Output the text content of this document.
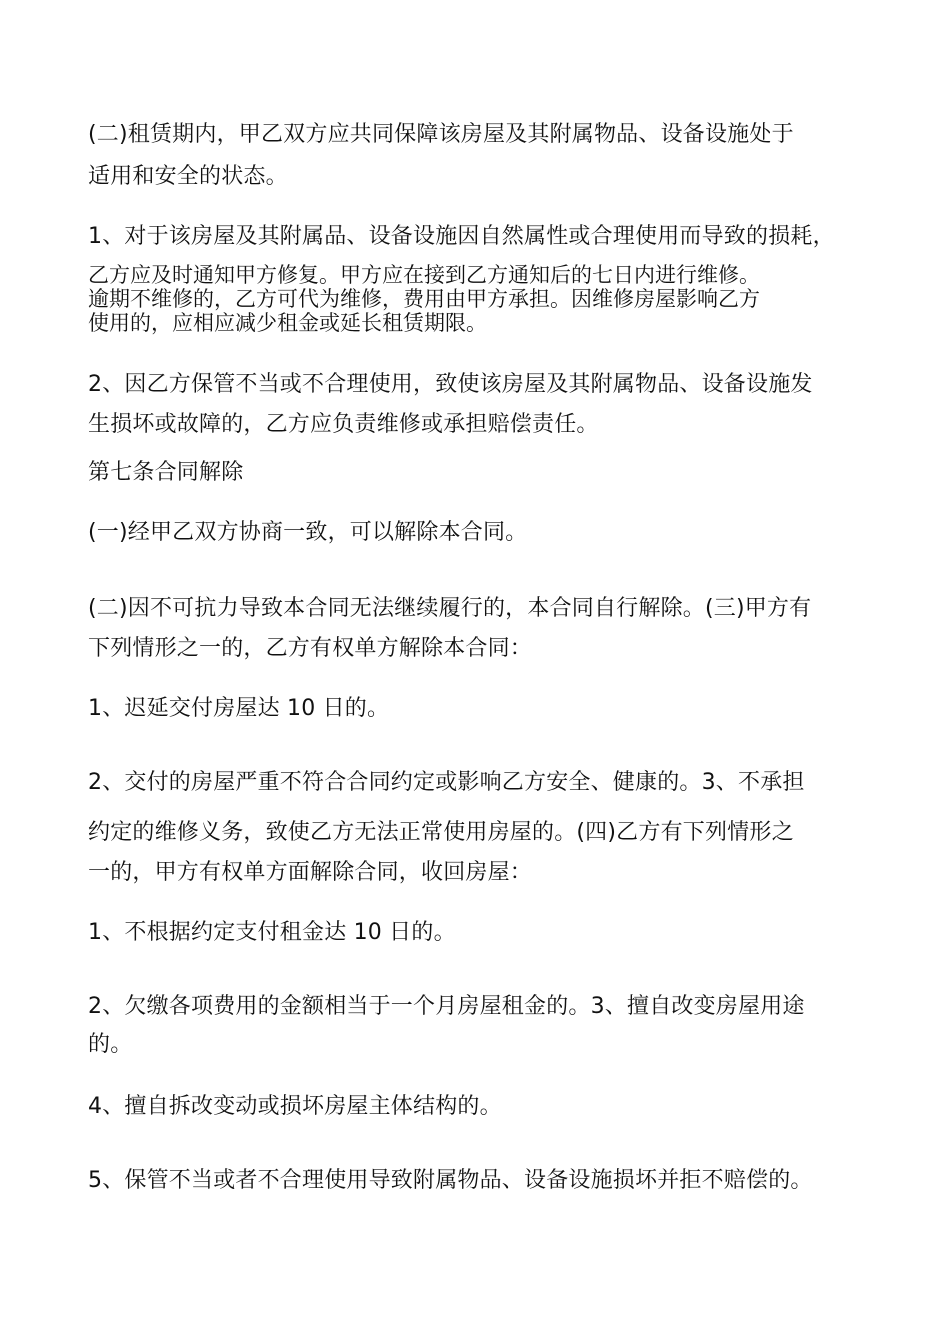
(二)租赁期内，甲乙双方应共同保障该房屋及其附属物品、设备设施处于
适用和安全的状态。
1、对于该房屋及其附属品、设备设施因自然属性或合理使用而导致的损耗，
乙方应及时通知甲方修复。甲方应在接到乙方通知后的七日内进行维修。
逾期不维修的，乙方可代为维修，费用由甲方承担。因维修房屋影响乙方
使用的，应相应减少租金或延长租赁期限。
2、因乙方保管不当或不合理使用，致使该房屋及其附属物品、设备设施发
生损坏或故障的，乙方应负责维修或承担赔偿责任。
第七条合同解除
(一)经甲乙双方协商一致，可以解除本合同。
(二)因不可抗力导致本合同无法继续履行的，本合同自行解除。(三)甲方有
下列情形之一的，乙方有权单方解除本合同：
1、迟延交付房屋达 10 日的。
2、交付的房屋严重不符合合同约定或影响乙方安全、健康的。3、不承担
约定的维修义务，致使乙方无法正常使用房屋的。(四)乙方有下列情形之
一的，甲方有权单方面解除合同，收回房屋：
1、不根据约定支付租金达 10 日的。
2、欠缴各项费用的金额相当于一个月房屋租金的。3、擅自改变房屋用途
的。
4、擅自拆改变动或损坏房屋主体结构的。
5、保管不当或者不合理使用导致附属物品、设备设施损坏并拒不赔偿的。
